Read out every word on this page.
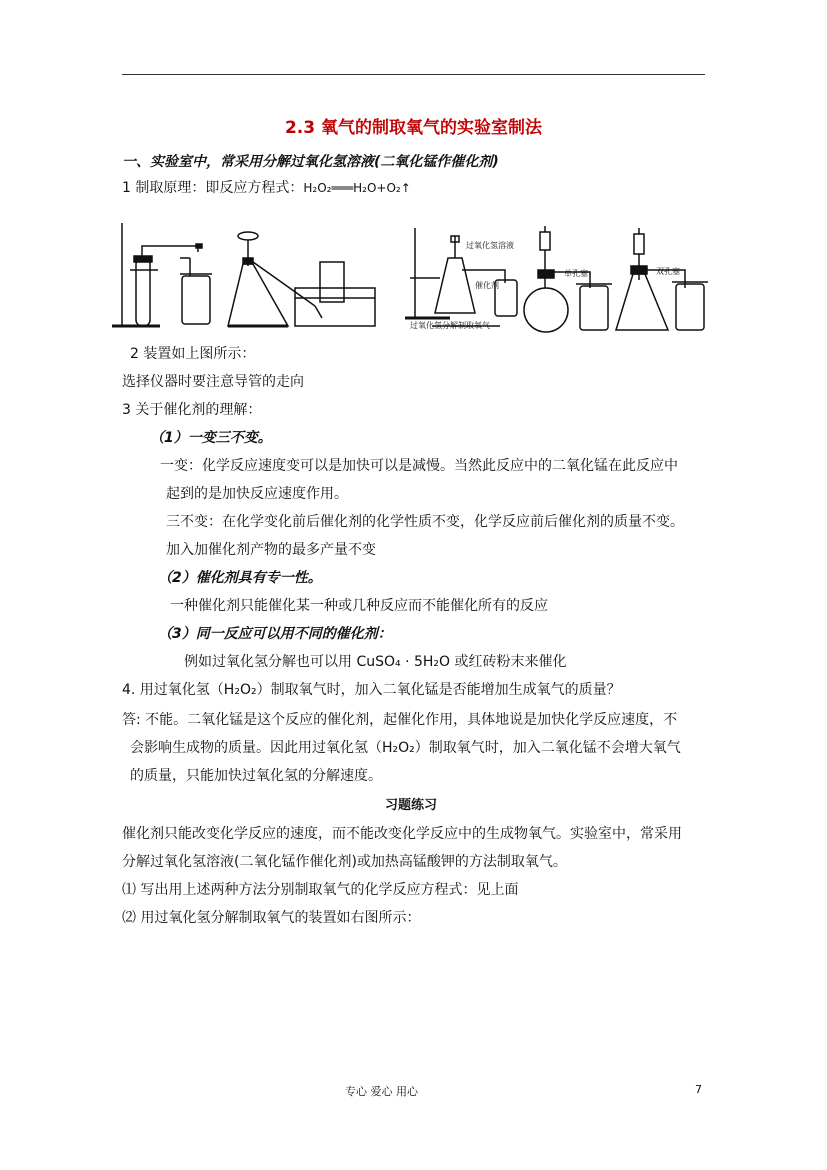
2.3 氧气的制取氧气的实验室制法
一、实验室中，常采用分解过氧化氢溶液(二氧化锰作催化剂)
1 制取原理：即反应方程式：H₂O₂═══H₂O+O₂↑
过氧化氢溶液
催化剂
过氧化氢分解制取氧气
单孔塞	双孔塞
2 装置如上图所示：
选择仪器时要注意导管的走向
3 关于催化剂的理解：
（1）一变三不变。
一变：化学反应速度变可以是加快可以是减慢。当然此反应中的二氧化锰在此反应中
起到的是加快反应速度作用。
三不变：在化学变化前后催化剂的化学性质不变，化学反应前后催化剂的质量不变。
加入加催化剂产物的最多产量不变
（2）催化剂具有专一性。
一种催化剂只能催化某一种或几种反应而不能催化所有的反应
（3）同一反应可以用不同的催化剂：
例如过氧化氢分解也可以用 CuSO₄ · 5H₂O 或红砖粉末来催化
4. 用过氧化氢（H₂O₂）制取氧气时，加入二氧化锰是否能增加生成氧气的质量？
答: 不能。二氧化锰是这个反应的催化剂，起催化作用，具体地说是加快化学反应速度，不
会影响生成物的质量。因此用过氧化氢（H₂O₂）制取氧气时，加入二氧化锰不会增大氧气
的质量，只能加快过氧化氢的分解速度。
习题练习
催化剂只能改变化学反应的速度，而不能改变化学反应中的生成物氧气。实验室中，常采用
分解过氧化氢溶液(二氧化锰作催化剂)或加热高锰酸钾的方法制取氧气。
⑴ 写出用上述两种方法分别制取氧气的化学反应方程式：见上面
⑵ 用过氧化氢分解制取氧气的装置如右图所示：
专心 爱心 用心	7
